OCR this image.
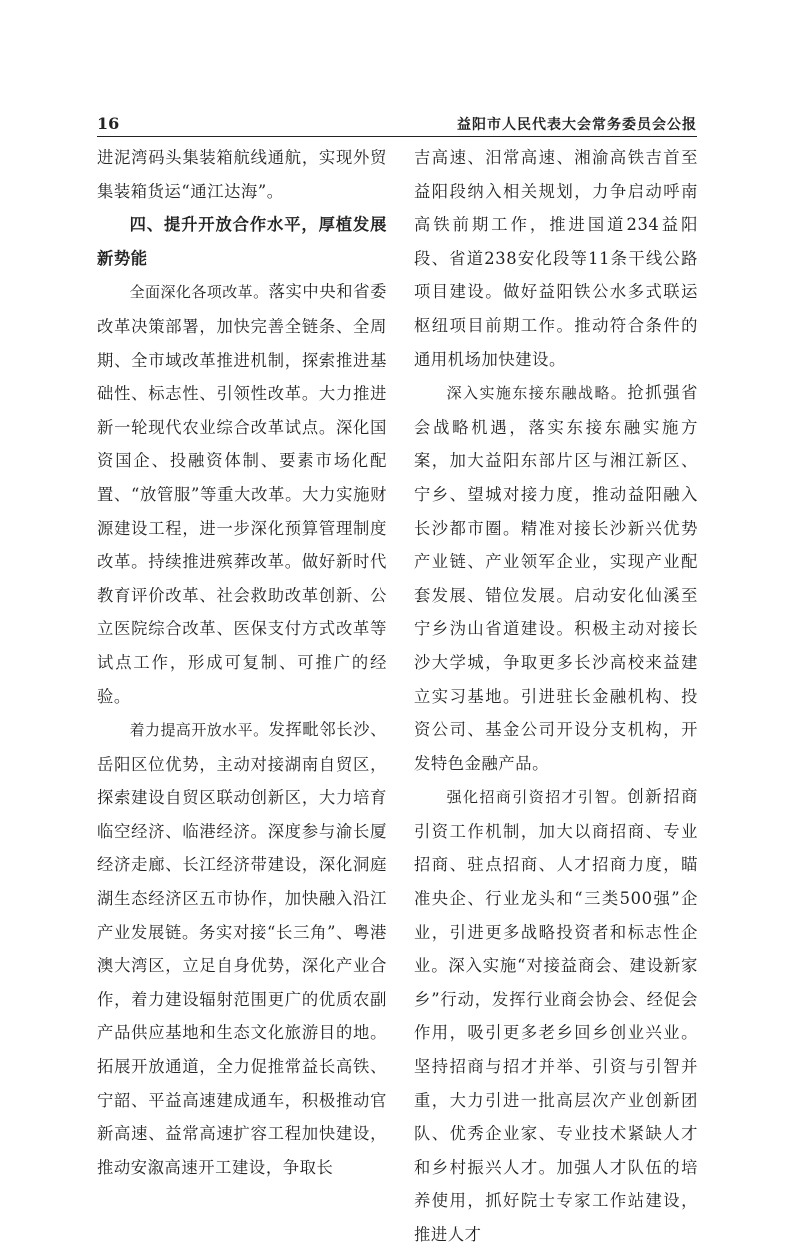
16	益阳市人民代表大会常务委员会公报

进泥湾码头集装箱航线通航，实现外贸集装箱货运“通江达海”。

四、提升开放合作水平，厚植发展新势能

全面深化各项改革。落实中央和省委改革决策部署，加快完善全链条、全周期、全市域改革推进机制，探索推进基础性、标志性、引领性改革。大力推进新一轮现代农业综合改革试点。深化国资国企、投融资体制、要素市场化配置、“放管服”等重大改革。大力实施财源建设工程，进一步深化预算管理制度改革。持续推进殡葬改革。做好新时代教育评价改革、社会救助改革创新、公立医院综合改革、医保支付方式改革等试点工作，形成可复制、可推广的经验。

着力提高开放水平。发挥毗邻长沙、岳阳区位优势，主动对接湖南自贸区，探索建设自贸区联动创新区，大力培育临空经济、临港经济。深度参与渝长厦经济走廊、长江经济带建设，深化洞庭湖生态经济区五市协作，加快融入沿江产业发展链。务实对接“长三角”、粤港澳大湾区，立足自身优势，深化产业合作，着力建设辐射范围更广的优质农副产品供应基地和生态文化旅游目的地。拓展开放通道，全力促推常益长高铁、宁韶、平益高速建成通车，积极推动官新高速、益常高速扩容工程加快建设，推动安溆高速开工建设，争取长

吉高速、汨常高速、湘渝高铁吉首至益阳段纳入相关规划，力争启动呼南高铁前期工作，推进国道234益阳段、省道238安化段等11条干线公路项目建设。做好益阳铁公水多式联运枢纽项目前期工作。推动符合条件的通用机场加快建设。

深入实施东接东融战略。抢抓强省会战略机遇，落实东接东融实施方案，加大益阳东部片区与湘江新区、宁乡、望城对接力度，推动益阳融入长沙都市圈。精准对接长沙新兴优势产业链、产业领军企业，实现产业配套发展、错位发展。启动安化仙溪至宁乡沩山省道建设。积极主动对接长沙大学城，争取更多长沙高校来益建立实习基地。引进驻长金融机构、投资公司、基金公司开设分支机构，开发特色金融产品。

强化招商引资招才引智。创新招商引资工作机制，加大以商招商、专业招商、驻点招商、人才招商力度，瞄准央企、行业龙头和“三类500强”企业，引进更多战略投资者和标志性企业。深入实施“对接益商会、建设新家乡”行动，发挥行业商会协会、经促会作用，吸引更多老乡回乡创业兴业。坚持招商与招才并举、引资与引智并重，大力引进一批高层次产业创新团队、优秀企业家、专业技术紧缺人才和乡村振兴人才。加强人才队伍的培养使用，抓好院士专家工作站建设，推进人才
